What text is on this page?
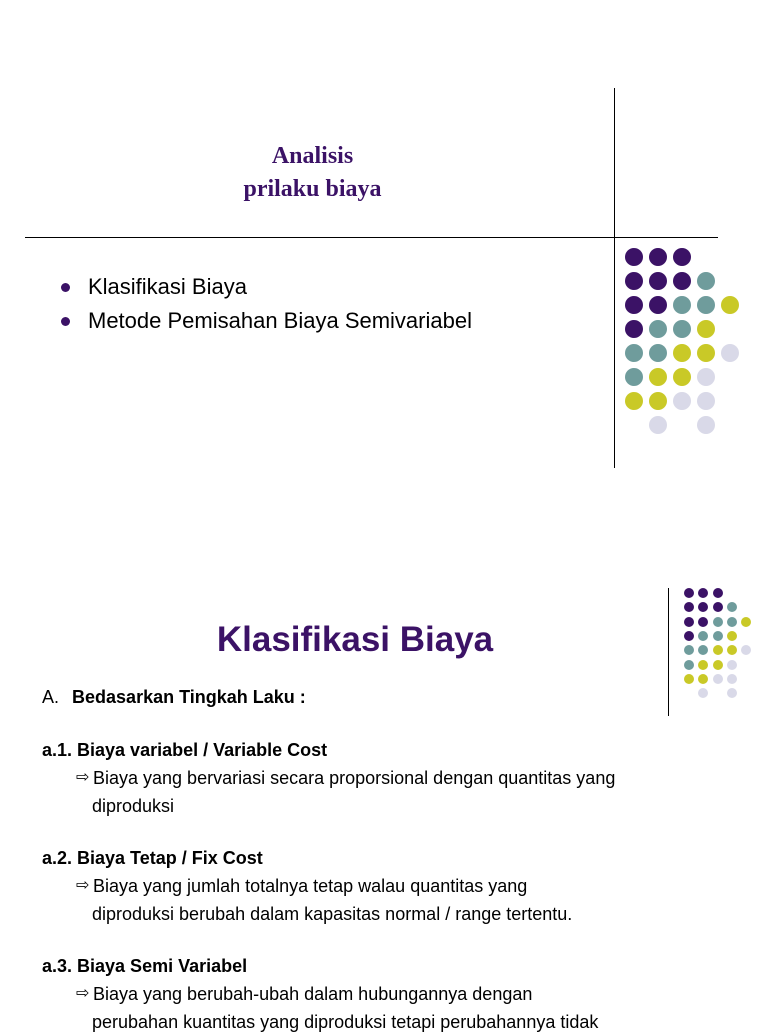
Analisis
prilaku biaya
Klasifikasi Biaya
Metode Pemisahan Biaya Semivariabel
Klasifikasi Biaya
A. Bedasarkan Tingkah Laku :
a.1. Biaya variabel / Variable Cost
⇨ Biaya yang bervariasi secara proporsional dengan quantitas yang
diproduksi
a.2. Biaya Tetap / Fix Cost
⇨ Biaya yang jumlah totalnya tetap walau quantitas yang
diproduksi berubah dalam kapasitas normal / range tertentu.
a.3. Biaya Semi Variabel
⇨ Biaya yang berubah-ubah dalam hubungannya dengan
perubahan kuantitas yang diproduksi tetapi perubahannya tidak
